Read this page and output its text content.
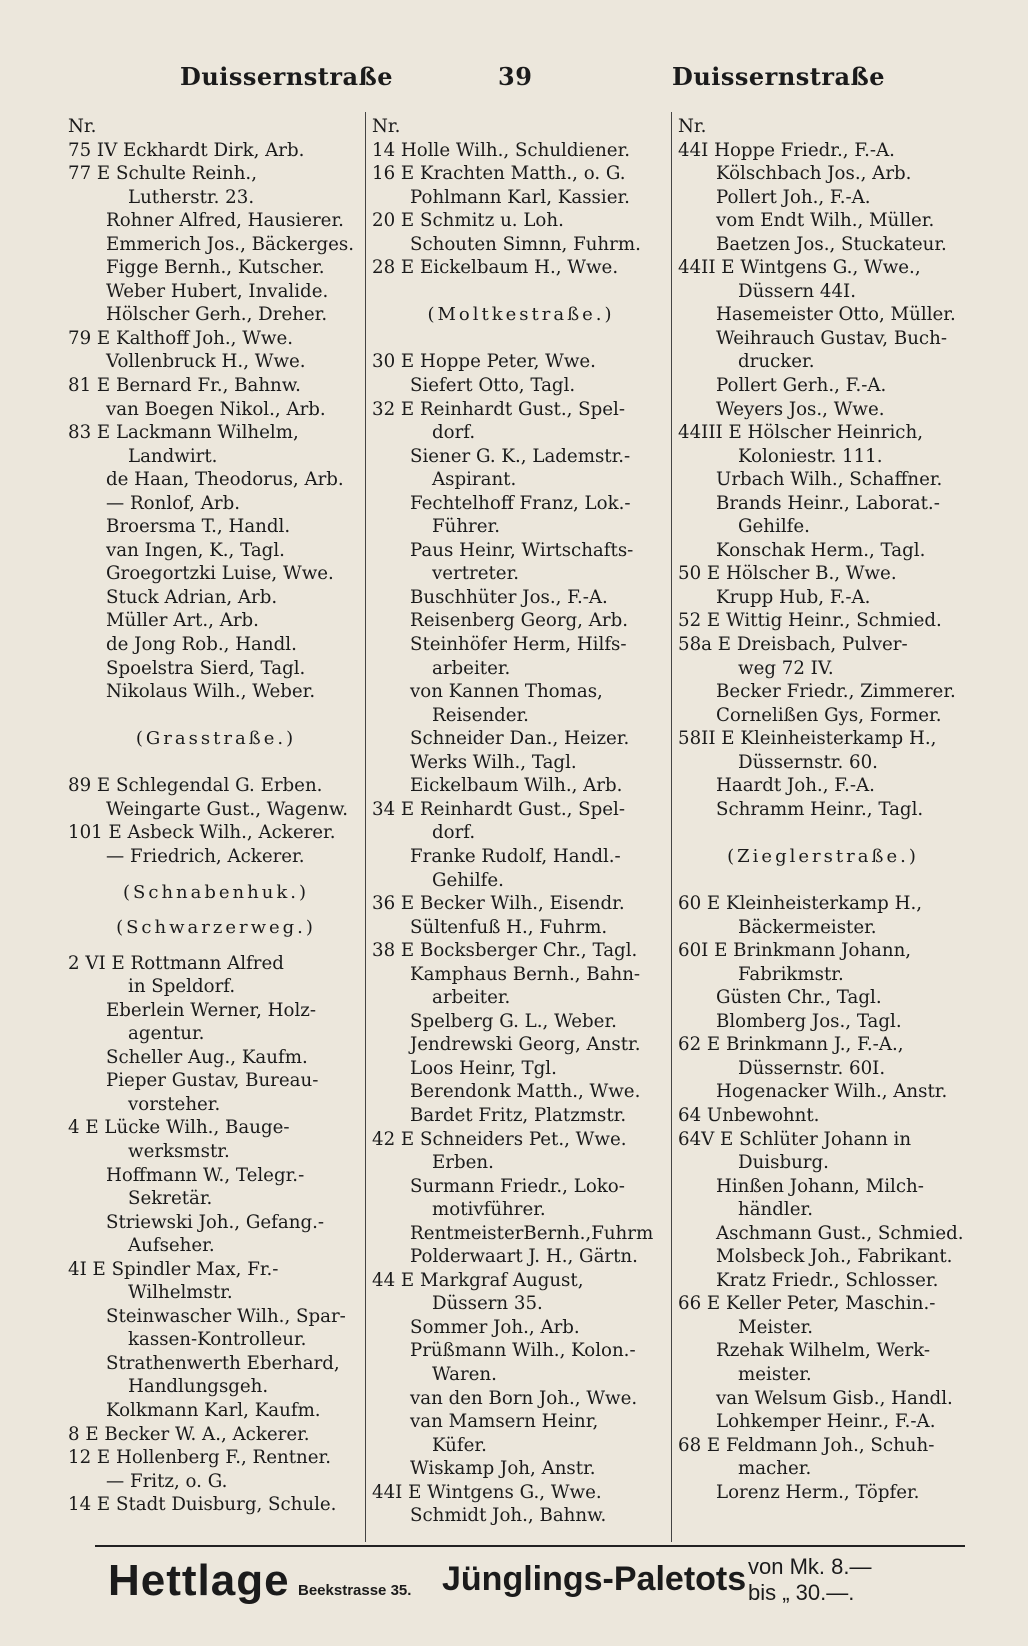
Duissernstraße	39	Duissernstraße
Nr.
75 IV Eckhardt Dirk, Arb.
77 E Schulte Reinh.,
Lutherstr. 23.
Rohner Alfred, Hausierer.
Emmerich Jos., Bäckerges.
Figge Bernh., Kutscher.
Weber Hubert, Invalide.
Hölscher Gerh., Dreher.
79 E Kalthoff Joh., Wwe.
Vollenbruck H., Wwe.
81 E Bernard Fr., Bahnw.
van Boegen Nikol., Arb.
83 E Lackmann Wilhelm,
Landwirt.
de Haan, Theodorus, Arb.
— Ronlof, Arb.
Broersma T., Handl.
van Ingen, K., Tagl.
Groegortzki Luise, Wwe.
Stuck Adrian, Arb.
Müller Art., Arb.
de Jong Rob., Handl.
Spoelstra Sierd, Tagl.
Nikolaus Wilh., Weber.
(Grasstraße.)
89 E Schlegendal G. Erben.
Weingarte Gust., Wagenw.
101 E Asbeck Wilh., Ackerer.
— Friedrich, Ackerer.
(Schnabenhuk.)
(Schwarzerweg.)
2 VI E Rottmann Alfred
in Speldorf.
Eberlein Werner, Holz-
agentur.
Scheller Aug., Kaufm.
Pieper Gustav, Bureau-
vorsteher.
4 E Lücke Wilh., Bauge-
werksmstr.
Hoffmann W., Telegr.-
Sekretär.
Striewski Joh., Gefang.-
Aufseher.
4I E Spindler Max, Fr.-
Wilhelmstr.
Steinwascher Wilh., Spar-
kassen-Kontrolleur.
Strathenwerth Eberhard,
Handlungsgeh.
Kolkmann Karl, Kaufm.
8 E Becker W. A., Ackerer.
12 E Hollenberg F., Rentner.
— Fritz, o. G.
14 E Stadt Duisburg, Schule.
Nr.
14 Holle Wilh., Schuldiener.
16 E Krachten Matth., o. G.
Pohlmann Karl, Kassier.
20 E Schmitz u. Loh.
Schouten Simnn, Fuhrm.
28 E Eickelbaum H., Wwe.
(Moltkestraße.)
30 E Hoppe Peter, Wwe.
Siefert Otto, Tagl.
32 E Reinhardt Gust., Spel-
dorf.
Siener G. K., Lademstr.-
Aspirant.
Fechtelhoff Franz, Lok.-
Führer.
Paus Heinr, Wirtschafts-
vertreter.
Buschhüter Jos., F.-A.
Reisenberg Georg, Arb.
Steinhöfer Herm, Hilfs-
arbeiter.
von Kannen Thomas,
Reisender.
Schneider Dan., Heizer.
Werks Wilh., Tagl.
Eickelbaum Wilh., Arb.
34 E Reinhardt Gust., Spel-
dorf.
Franke Rudolf, Handl.-
Gehilfe.
36 E Becker Wilh., Eisendr.
Sültenfuß H., Fuhrm.
38 E Bocksberger Chr., Tagl.
Kamphaus Bernh., Bahn-
arbeiter.
Spelberg G. L., Weber.
Jendrewski Georg, Anstr.
Loos Heinr, Tgl.
Berendonk Matth., Wwe.
Bardet Fritz, Platzmstr.
42 E Schneiders Pet., Wwe.
Erben.
Surmann Friedr., Loko-
motivführer.
RentmeisterBernh.,Fuhrm
Polderwaart J. H., Gärtn.
44 E Markgraf August,
Düssern 35.
Sommer Joh., Arb.
Prüßmann Wilh., Kolon.-
Waren.
van den Born Joh., Wwe.
van Mamsern Heinr,
Küfer.
Wiskamp Joh, Anstr.
44I E Wintgens G., Wwe.
Schmidt Joh., Bahnw.
Nr.
44I Hoppe Friedr., F.-A.
Kölschbach Jos., Arb.
Pollert Joh., F.-A.
vom Endt Wilh., Müller.
Baetzen Jos., Stuckateur.
44II E Wintgens G., Wwe.,
Düssern 44I.
Hasemeister Otto, Müller.
Weihrauch Gustav, Buch-
drucker.
Pollert Gerh., F.-A.
Weyers Jos., Wwe.
44III E Hölscher Heinrich,
Koloniestr. 111.
Urbach Wilh., Schaffner.
Brands Heinr., Laborat.-
Gehilfe.
Konschak Herm., Tagl.
50 E Hölscher B., Wwe.
Krupp Hub, F.-A.
52 E Wittig Heinr., Schmied.
58a E Dreisbach, Pulver-
weg 72 IV.
Becker Friedr., Zimmerer.
Cornelißen Gys, Former.
58II E Kleinheisterkamp H.,
Düssernstr. 60.
Haardt Joh., F.-A.
Schramm Heinr., Tagl.
(Zieglerstraße.)
60 E Kleinheisterkamp H.,
Bäckermeister.
60I E Brinkmann Johann,
Fabrikmstr.
Güsten Chr., Tagl.
Blomberg Jos., Tagl.
62 E Brinkmann J., F.-A.,
Düssernstr. 60I.
Hogenacker Wilh., Anstr.
64 Unbewohnt.
64V E Schlüter Johann in
Duisburg.
Hinßen Johann, Milch-
händler.
Aschmann Gust., Schmied.
Molsbeck Joh., Fabrikant.
Kratz Friedr., Schlosser.
66 E Keller Peter, Maschin.-
Meister.
Rzehak Wilhelm, Werk-
meister.
van Welsum Gisb., Handl.
Lohkemper Heinr., F.-A.
68 E Feldmann Joh., Schuh-
macher.
Lorenz Herm., Töpfer.
Hettlage Beekstrasse 35. Jünglings-Paletots von Mk. 8.—
bis „ 30.—.
